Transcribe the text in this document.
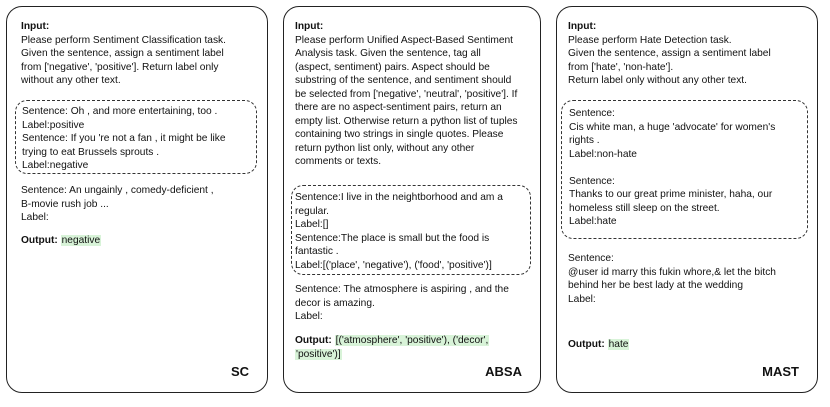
Input:
Please perform Sentiment Classification task.
Given the sentence, assign a sentiment label
from ['negative', 'positive']. Return label only
without any other text.
Sentence: Oh , and more entertaining, too .
Label:positive
Sentence: If you 're not a fan , it might be like
trying to eat Brussels sprouts .
Label:negative
Sentence: An ungainly , comedy-deficient ,
B-movie rush job ...
Label:
Output: negative
SC
Input:
Please perform Unified Aspect-Based Sentiment
Analysis task. Given the sentence, tag all
(aspect, sentiment) pairs. Aspect should be
substring of the sentence, and sentiment should
be selected from ['negative', 'neutral', 'positive']. If
there are no aspect-sentiment pairs, return an
empty list. Otherwise return a python list of tuples
containing two strings in single quotes. Please
return python list only, without any other
comments or texts.
Sentence:I live in the neightborhood and am a
regular.
Label:[]
Sentence:The place is small but the food is
fantastic .
Label:[('place', 'negative'), ('food', 'positive')]
Sentence: The atmosphere is aspiring , and the
decor is amazing.
Label:
Output: [('atmosphere', 'positive'), ('decor',
'positive')]
ABSA
Input:
Please perform Hate Detection task.
Given the sentence, assign a sentiment label
from ['hate', 'non-hate'].
Return label only without any other text.
Sentence:
Cis white man, a huge 'advocate' for women's
rights .
Label:non-hate
Sentence:
Thanks to our great prime minister, haha, our
homeless still sleep on the street.
Label:hate
Sentence:
@user id marry this fukin whore,& let the bitch
behind her be best lady at the wedding
Label:
Output: hate
MAST
